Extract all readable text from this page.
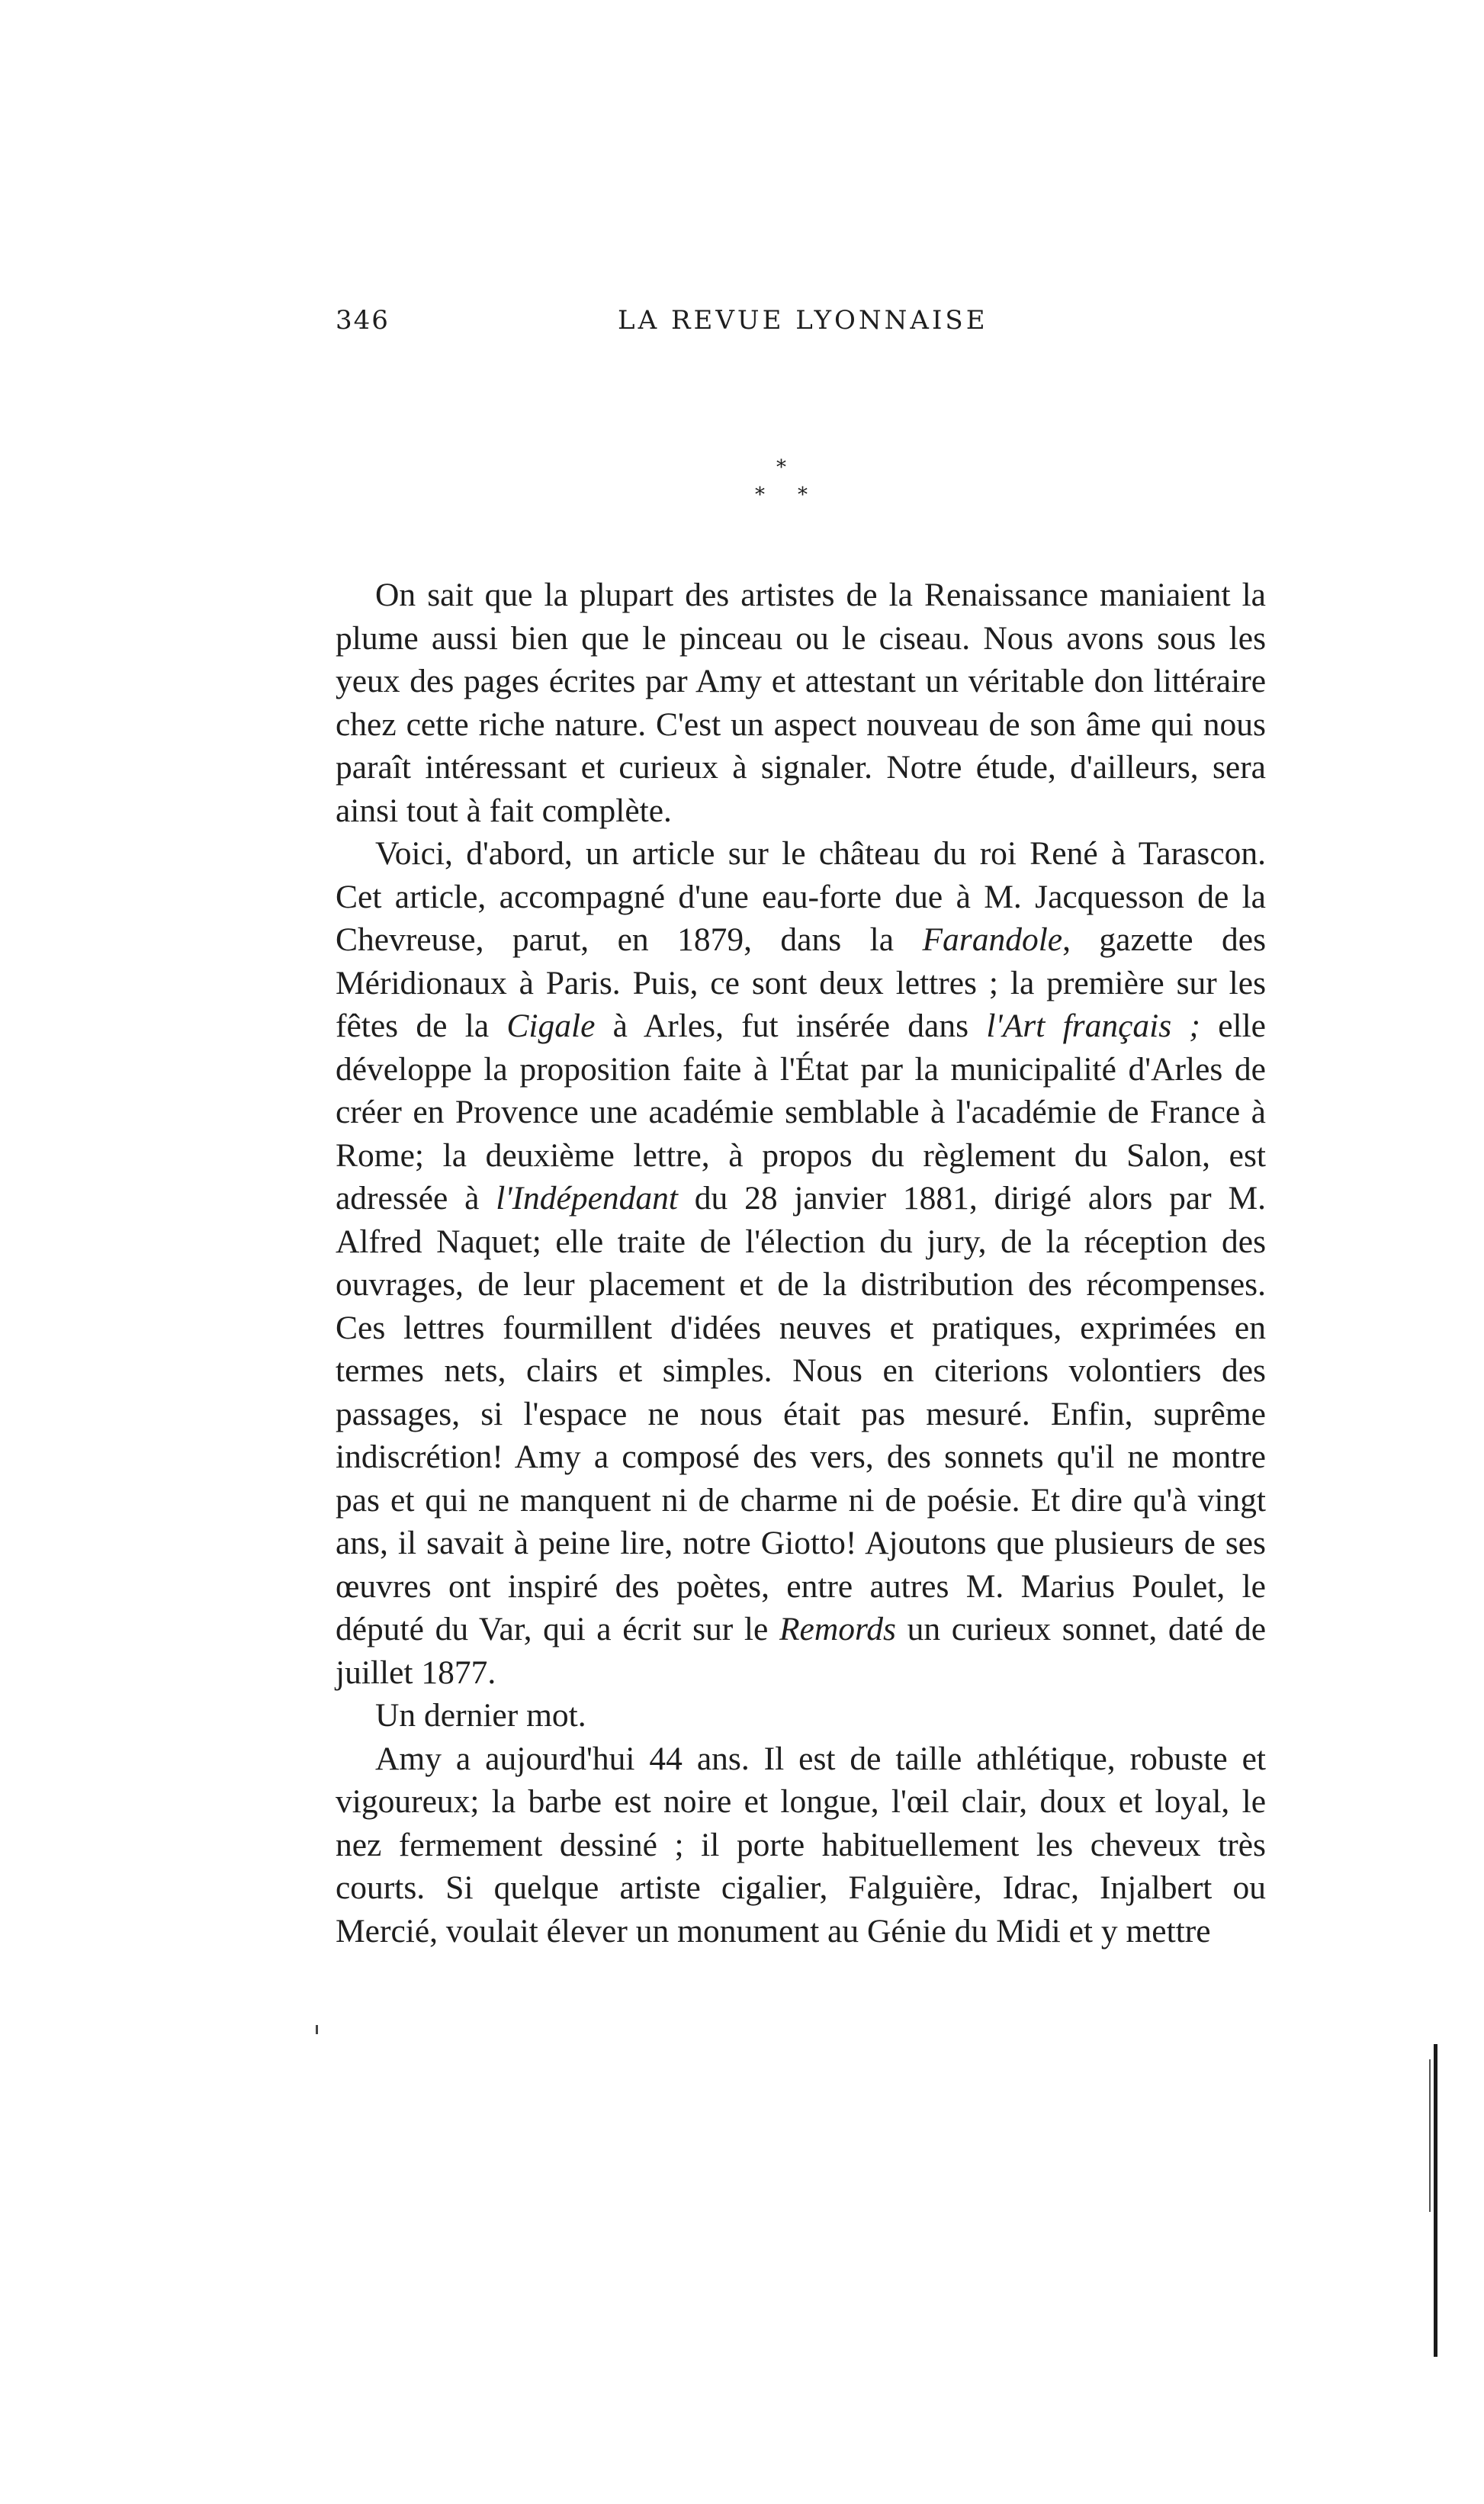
346	LA REVUE LYONNAISE
*
* *

On sait que la plupart des artistes de la Renaissance maniaient la plume aussi bien que le pinceau ou le ciseau. Nous avons sous les yeux des pages écrites par Amy et attestant un véritable don littéraire chez cette riche nature. C'est un aspect nouveau de son âme qui nous paraît intéressant et curieux à signaler. Notre étude, d'ailleurs, sera ainsi tout à fait complète.

Voici, d'abord, un article sur le château du roi René à Tarascon. Cet article, accompagné d'une eau-forte due à M. Jacquesson de la Chevreuse, parut, en 1879, dans la Farandole, gazette des Méridionaux à Paris. Puis, ce sont deux lettres ; la première sur les fêtes de la Cigale à Arles, fut insérée dans l'Art français ; elle développe la proposition faite à l'État par la municipalité d'Arles de créer en Provence une académie semblable à l'académie de France à Rome; la deuxième lettre, à propos du règlement du Salon, est adressée à l'Indépendant du 28 janvier 1881, dirigé alors par M. Alfred Naquet; elle traite de l'élection du jury, de la réception des ouvrages, de leur placement et de la distribution des récompenses. Ces lettres fourmillent d'idées neuves et pratiques, exprimées en termes nets, clairs et simples. Nous en citerions volontiers des passages, si l'espace ne nous était pas mesuré. Enfin, suprême indiscrétion! Amy a composé des vers, des sonnets qu'il ne montre pas et qui ne manquent ni de charme ni de poésie. Et dire qu'à vingt ans, il savait à peine lire, notre Giotto! Ajoutons que plusieurs de ses œuvres ont inspiré des poètes, entre autres M. Marius Poulet, le député du Var, qui a écrit sur le Remords un curieux sonnet, daté de juillet 1877.

Un dernier mot.

Amy a aujourd'hui 44 ans. Il est de taille athlétique, robuste et vigoureux; la barbe est noire et longue, l'œil clair, doux et loyal, le nez fermement dessiné ; il porte habituellement les cheveux très courts. Si quelque artiste cigalier, Falguière, Idrac, Injalbert ou Mercié, voulait élever un monument au Génie du Midi et y mettre
